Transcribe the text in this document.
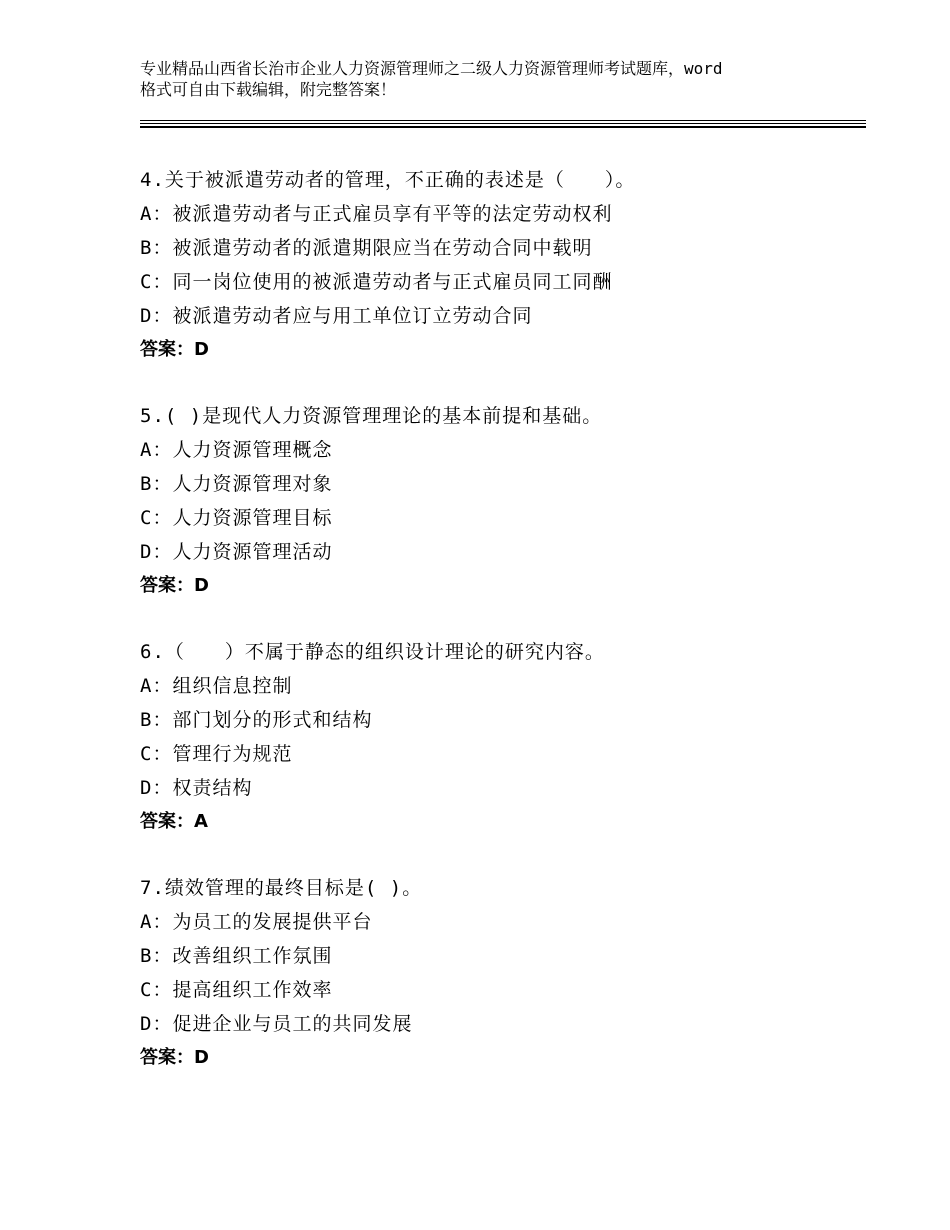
专业精品山西省长治市企业人力资源管理师之二级人力资源管理师考试题库，word
格式可自由下载编辑，附完整答案！
4.关于被派遣劳动者的管理，不正确的表述是（　　）。
A：被派遣劳动者与正式雇员享有平等的法定劳动权利
B：被派遣劳动者的派遣期限应当在劳动合同中载明
C：同一岗位使用的被派遣劳动者与正式雇员同工同酬
D：被派遣劳动者应与用工单位订立劳动合同
答案：D
5.( )是现代人力资源管理理论的基本前提和基础。
A：人力资源管理概念
B：人力资源管理对象
C：人力资源管理目标
D：人力资源管理活动
答案：D
6.（　　）不属于静态的组织设计理论的研究内容。
A：组织信息控制
B：部门划分的形式和结构
C：管理行为规范
D：权责结构
答案：A
7.绩效管理的最终目标是( )。
A：为员工的发展提供平台
B：改善组织工作氛围
C：提高组织工作效率
D：促进企业与员工的共同发展
答案：D
